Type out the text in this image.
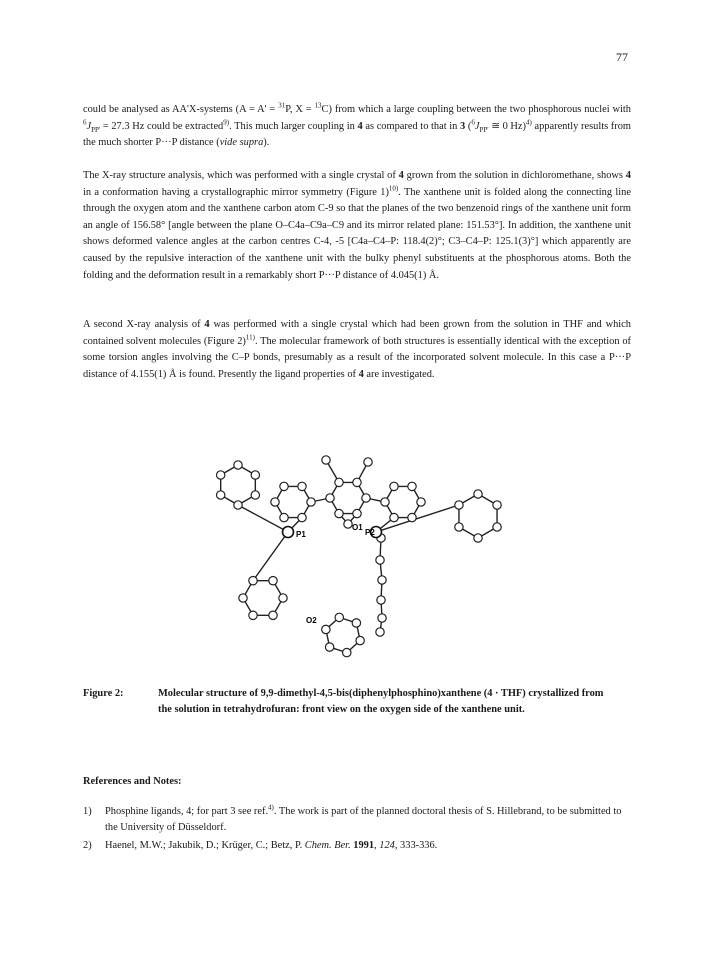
77

could be analysed as AA'X-systems (A = A' = $^{31}$P, X = $^{13}$C) from which a large coupling between the two phosphorous nuclei with $^6J_{PP'} = 27.3$ Hz could be extracted$^{9)}$. This much larger coupling in 4 as compared to that in 3 ($^6J_{PP'}$ ≅ 0 Hz)$^{4)}$ apparently results from the much shorter P···P distance (vide supra).

The X-ray structure analysis, which was performed with a single crystal of 4 grown from the solution in dichloromethane, shows 4 in a conformation having a crystallographic mirror symmetry (Figure 1)$^{10)}$. The xanthene unit is folded along the connecting line through the oxygen atom and the xanthene carbon atom C-9 so that the planes of the two benzenoid rings of the xanthene unit form an angle of 156.58° [angle between the plane O–C4a–C9a–C9 and its mirror related plane: 151.53°]. In addition, the xanthene unit shows deformed valence angles at the carbon centres C-4, -5 [C4a–C4–P: 118.4(2)°; C3–C4–P: 125.1(3)°] which apparently are caused by the repulsive interaction of the xanthene unit with the bulky phenyl substituents at the phosphorous atoms. Both the folding and the deformation result in a remarkably short P···P distance of 4.045(1) Å.

A second X-ray analysis of 4 was performed with a single crystal which had been grown from the solution in THF and which contained solvent molecules (Figure 2)$^{11)}$. The molecular framework of both structures is essentially identical with the exception of some torsion angles involving the C–P bonds, presumably as a result of the incorporated solvent molecule. In this case a P···P distance of 4.155(1) Å is found. Presently the ligand properties of 4 are investigated.

P1	P2
O1
O2

Figure 2:	Molecular structure of 9,9-dimethyl-4,5-bis(diphenylphosphino)xanthene (4 · THF) crystallized from
the solution in tetrahydrofuran: front view on the oxygen side of the xanthene unit.

References and Notes:

1) Phosphine ligands, 4; for part 3 see ref.$^{4)}$. The work is part of the planned doctoral thesis of S. Hillebrand, to be submitted to the University of Düsseldorf.
2) Haenel, M.W.; Jakubik, D.; Krüger, C.; Betz, P. Chem. Ber. 1991, 124, 333-336.
